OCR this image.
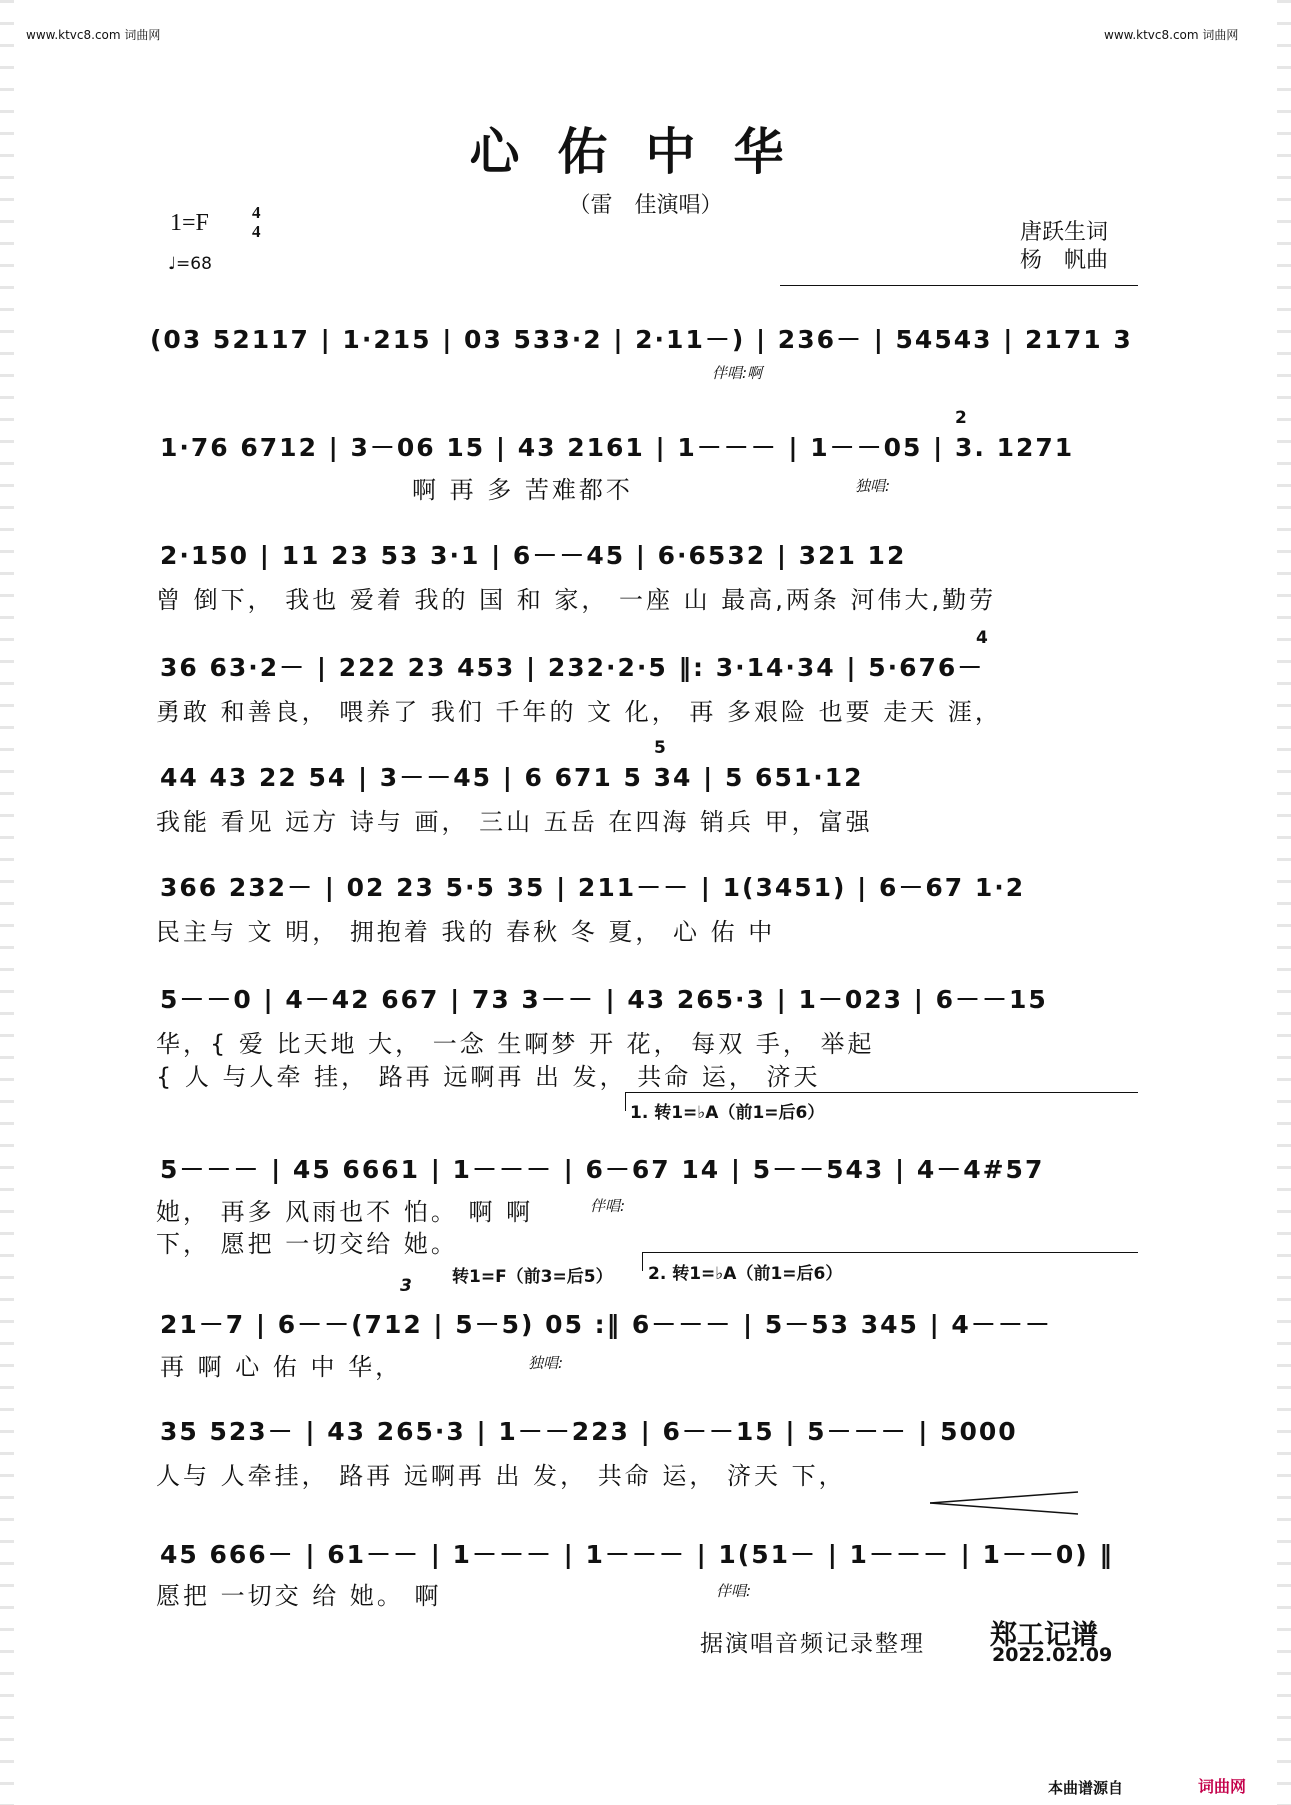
www.ktvc8.com 词曲网	www.ktvc8.com 词曲网
心佑中华
（雷　佳演唱）
1=F	4
4
♩=68
唐跃生词
杨　帆曲
(03 52117 | 1·215 | 03 533·2 | 2·11－) | 236－ | 54543 | 2171 3
伴唱:啊
1·76 6712 | 3－06 15 | 43 2161 | 1－－－ | 1－－05 | 3. 1271
独唱:
啊 再 多 苦难都不
2
2·150 | 11 23 53 3·1 | 6－－45 | 6·6532 | 321 12
曾 倒下， 我也 爱着 我的 国 和 家， 一座 山 最高,两条 河伟大,勤劳
36 63·2－ | 222 23 453 | 232·2·5 ‖: 3·14·34 | 5·676－
勇敢 和善良， 喂养了 我们 千年的 文 化， 再 多艰险 也要 走天 涯，
4
44 43 22 54 | 3－－45 | 6 671 5 34 | 5 651·12
我能 看见 远方 诗与 画， 三山 五岳 在四海 销兵 甲，富强
5
366 232－ | 02 23 5·5 35 | 211－－ | 1(3451) | 6－67 1·2
民主与 文 明， 拥抱着 我的 春秋 冬 夏， 心 佑 中
5－－0 | 4－42 667 | 73 3－－ | 43 265·3 | 1－023 | 6－－15
华，{ 爱 比天地 大， 一念 生啊梦 开 花， 每双 手， 举起
{ 人 与人牵 挂， 路再 远啊再 出 发， 共命 运， 济天
1. 转1=♭A（前1=后6）
5－－－ | 45 6661 | 1－－－ | 6－67 14 | 5－－543 | 4－4#57
伴唱:
她， 再多 风雨也不 怕。 啊 啊
下， 愿把 一切交给 她。
转1=F（前3=后5） 2. 转1=♭A（前1=后6）
3
21－7 | 6－－(712 | 5－5) 05 :‖ 6－－－ | 5－53 345 | 4－－－
独唱:
再 啊 心 佑 中 华，
35 523－ | 43 265·3 | 1－－223 | 6－－15 | 5－－－ | 5000
人与 人牵挂， 路再 远啊再 出 发， 共命 运， 济天 下，
45 666－ | 61－－ | 1－－－ | 1－－－ | 1(51－ | 1－－－ | 1－－0) ‖
伴唱:
愿把 一切交 给 她。 啊
据演唱音频记录整理 郑工记谱
2022.02.09
本曲谱源自	词曲网
